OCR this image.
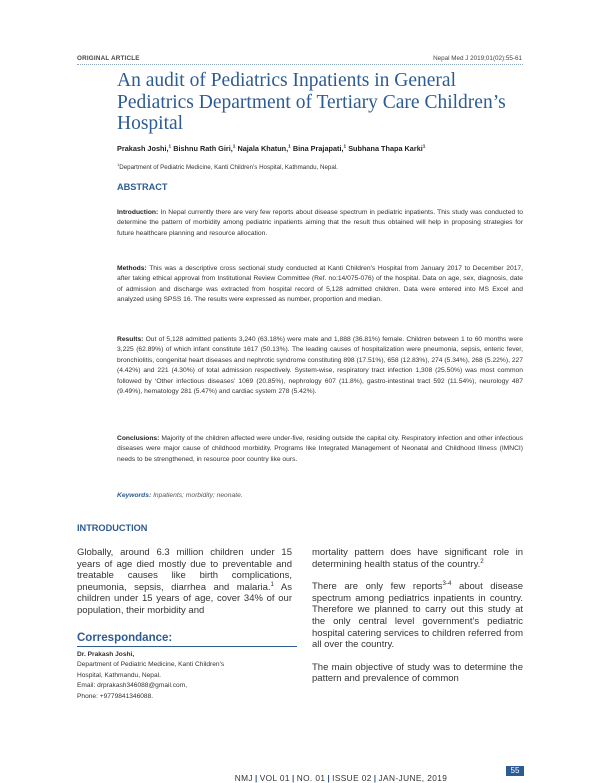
ORIGINAL ARTICLE	Nepal Med J 2019;01(02):55-61
An audit of Pediatrics Inpatients in General Pediatrics Department of Tertiary Care Children’s Hospital
Prakash Joshi,$^1$ Bishnu Rath Giri,$^1$ Najala Khatun,$^1$ Bina Prajapati,$^1$ Subhana Thapa Karki$^1$
$^1$Department of Pediatric Medicine, Kanti Children’s Hospital, Kathmandu, Nepal.
ABSTRACT
Introduction: In Nepal currently there are very few reports about disease spectrum in pediatric inpatients. This study was conducted to determine the pattern of morbidity among pediatric inpatients aiming that the result thus obtained will help in proposing strategies for future healthcare planning and resource allocation.
Methods: This was a descriptive cross sectional study conducted at Kanti Children’s Hospital from January 2017 to December 2017, after taking ethical approval from Institutional Review Committee (Ref. no:14/075-076) of the hospital. Data on age, sex, diagnosis, date of admission and discharge was extracted from hospital record of 5,128 admitted children. Data were entered into MS Excel and analyzed using SPSS 16. The results were expressed as number, proportion and median.
Results: Out of 5,128 admitted patients 3,240 (63.18%) were male and 1,888 (36.81%) female. Children between 1 to 60 months were 3,225 (62.89%) of which infant constitute 1617 (50.13%). The leading causes of hospitalization were pneumonia, sepsis, enteric fever, bronchiolitis, congenital heart diseases and nephrotic syndrome constituting 898 (17.51%), 658 (12.83%), 274 (5.34%), 268 (5.22%), 227 (4.42%) and 221 (4.30%) of total admission respectively. System-wise, respiratory tract infection 1,308 (25.50%) was most common followed by ‘Other infectious diseases’ 1069 (20.85%), nephrology 607 (11.8%), gastro-intestinal tract 592 (11.54%), neurology 487 (9.49%), hematology 281 (5.47%) and cardiac system 278 (5.42%).
Conclusions: Majority of the children affected were under-five, residing outside the capital city. Respiratory infection and other infectious diseases were major cause of childhood morbidity. Programs like Integrated Management of Neonatal and Childhood Illness (IMNCI) needs to be strengthened, in resource poor country like ours.
Keywords: Inpatients; morbidity; neonate.
INTRODUCTION
Globally, around 6.3 million children under 15 years of age died mostly due to preventable and treatable causes like birth complications, pneumonia, sepsis, diarrhea and malaria.$^1$ As children under 15 years of age, cover 34% of our population, their morbidity and

mortality pattern does have significant role in determining health status of the country.$^2$

There are only few reports$^{3-4}$ about disease spectrum among pediatrics inpatients in country. Therefore we planned to carry out this study at the only central level government’s pediatric hospital catering services to children referred from all over the country.

The main objective of study was to determine the pattern and prevalence of common

Correspondance:
Dr. Prakash Joshi,
Department of Pediatric Medicine, Kanti Children’s
Hospital, Kathmandu, Nepal.
Email: drprakash346088@gmail.com,
Phone: +9779841346088.
NMJ | VOL 01 | NO. 01 | ISSUE 02 | JAN-JUNE, 2019
55
